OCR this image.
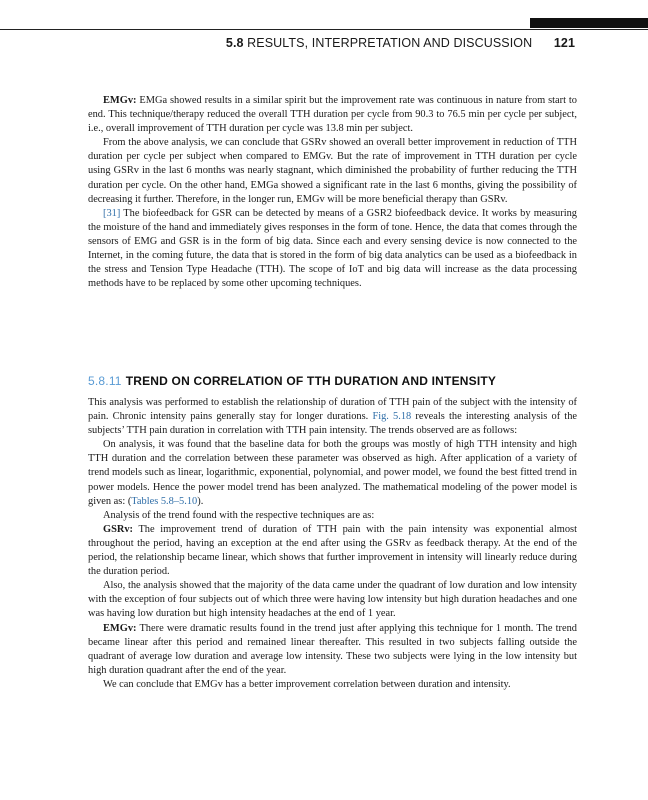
5.8 RESULTS, INTERPRETATION AND DISCUSSION 121

EMGv: EMGa showed results in a similar spirit but the improvement rate was continuous in nature from start to end. This technique/therapy reduced the overall TTH duration per cycle from 90.3 to 76.5 min per cycle per subject, i.e., overall improvement of TTH duration per cycle was 13.8 min per subject.

From the above analysis, we can conclude that GSRv showed an overall better improvement in reduction of TTH duration per cycle per subject when compared to EMGv. But the rate of improvement in TTH duration per cycle using GSRv in the last 6 months was nearly stagnant, which diminished the probability of further reducing the TTH duration per cycle. On the other hand, EMGa showed a significant rate in the last 6 months, giving the possibility of decreasing it further. Therefore, in the longer run, EMGv will be more beneficial therapy than GSRv.

[31] The biofeedback for GSR can be detected by means of a GSR2 biofeedback device. It works by measuring the moisture of the hand and immediately gives responses in the form of tone. Hence, the data that comes through the sensors of EMG and GSR is in the form of big data. Since each and every sensing device is now connected to the Internet, in the coming future, the data that is stored in the form of big data analytics can be used as a biofeedback in the stress and Tension Type Headache (TTH). The scope of IoT and big data will increase as the data processing methods have to be replaced by some other upcoming techniques.

5.8.11 TREND ON CORRELATION OF TTH DURATION AND INTENSITY

This analysis was performed to establish the relationship of duration of TTH pain of the subject with the intensity of pain. Chronic intensity pains generally stay for longer durations. Fig. 5.18 reveals the interesting analysis of the subjects’ TTH pain duration in correlation with TTH pain intensity. The trends observed are as follows:

On analysis, it was found that the baseline data for both the groups was mostly of high TTH intensity and high TTH duration and the correlation between these parameter was observed as high. After application of a variety of trend models such as linear, logarithmic, exponential, polynomial, and power model, we found the best fitted trend in power models. Hence the power model trend has been analyzed. The mathematical modeling of the power model is given as: (Tables 5.8–5.10).

Analysis of the trend found with the respective techniques are as:

GSRv: The improvement trend of duration of TTH pain with the pain intensity was exponential almost throughout the period, having an exception at the end after using the GSRv as feedback therapy. At the end of the period, the relationship became linear, which shows that further improvement in intensity will linearly reduce during the duration period.

Also, the analysis showed that the majority of the data came under the quadrant of low duration and low intensity with the exception of four subjects out of which three were having low intensity but high duration headaches and one was having low duration but high intensity headaches at the end of 1 year.

EMGv: There were dramatic results found in the trend just after applying this technique for 1 month. The trend became linear after this period and remained linear thereafter. This resulted in two subjects falling outside the quadrant of average low duration and average low intensity. These two subjects were lying in the low intensity but high duration quadrant after the end of the year.

We can conclude that EMGv has a better improvement correlation between duration and intensity.
